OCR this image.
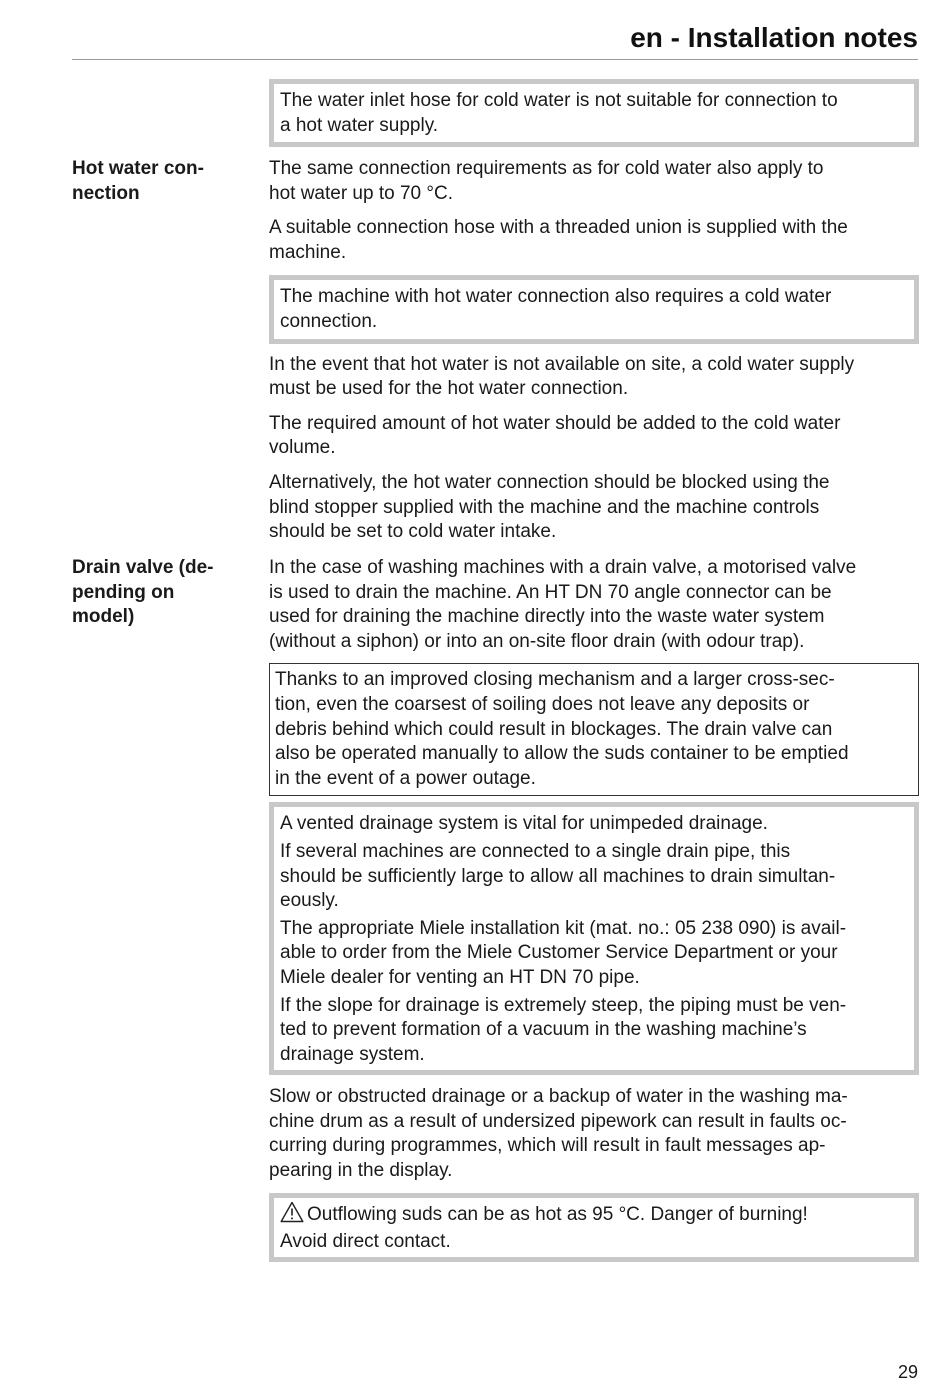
en - Installation notes

The water inlet hose for cold water is not suitable for connection to
a hot water supply.

Hot water con-
nection

The same connection requirements as for cold water also apply to
hot water up to 70 °C.

A suitable connection hose with a threaded union is supplied with the
machine.

The machine with hot water connection also requires a cold water
connection.

In the event that hot water is not available on site, a cold water supply
must be used for the hot water connection.

The required amount of hot water should be added to the cold water
volume.

Alternatively, the hot water connection should be blocked using the
blind stopper supplied with the machine and the machine controls
should be set to cold water intake.

Drain valve (de-
pending on
model)

In the case of washing machines with a drain valve, a motorised valve
is used to drain the machine. An HT DN 70 angle connector can be
used for draining the machine directly into the waste water system
(without a siphon) or into an on-site floor drain (with odour trap).

Thanks to an improved closing mechanism and a larger cross-sec-
tion, even the coarsest of soiling does not leave any deposits or
debris behind which could result in blockages. The drain valve can
also be operated manually to allow the suds container to be emptied
in the event of a power outage.

A vented drainage system is vital for unimpeded drainage.

If several machines are connected to a single drain pipe, this
should be sufficiently large to allow all machines to drain simultan-
eously.

The appropriate Miele installation kit (mat. no.: 05 238 090) is avail-
able to order from the Miele Customer Service Department or your
Miele dealer for venting an HT DN 70 pipe.

If the slope for drainage is extremely steep, the piping must be ven-
ted to prevent formation of a vacuum in the washing machine’s
drainage system.

Slow or obstructed drainage or a backup of water in the washing ma-
chine drum as a result of undersized pipework can result in faults oc-
curring during programmes, which will result in fault messages ap-
pearing in the display.

Outflowing suds can be as hot as 95 °C. Danger of burning!
Avoid direct contact.

29
